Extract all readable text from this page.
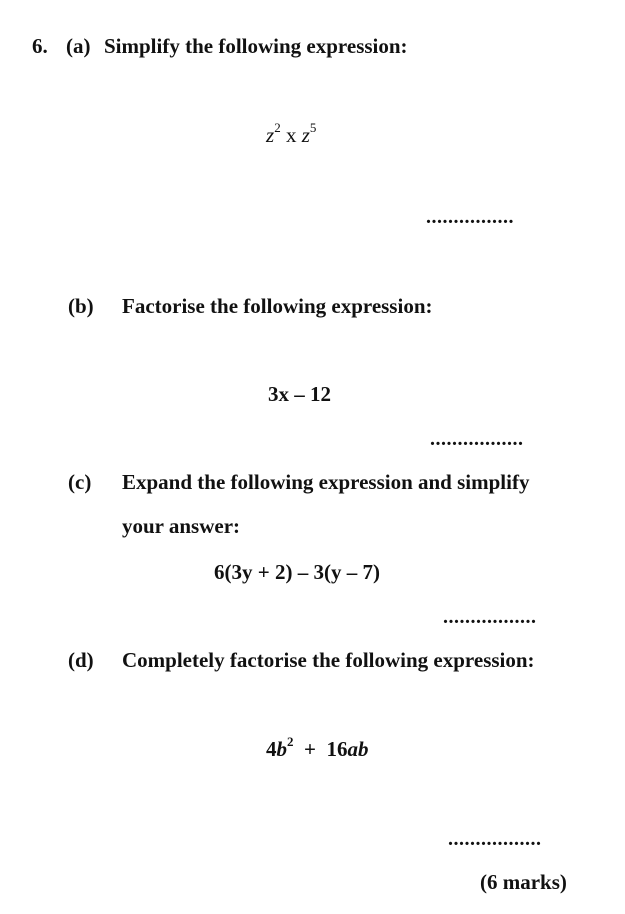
6. (a) Simplify the following expression:
$z^2$ x $z^5$
................
(b) Factorise the following expression:
3x – 12
.................
(c) Expand the following expression and simplify
your answer:
6(3y + 2) – 3(y – 7)
.................
(d) Completely factorise the following expression:
$4b^2 + 16ab$
.................
(6 marks)
